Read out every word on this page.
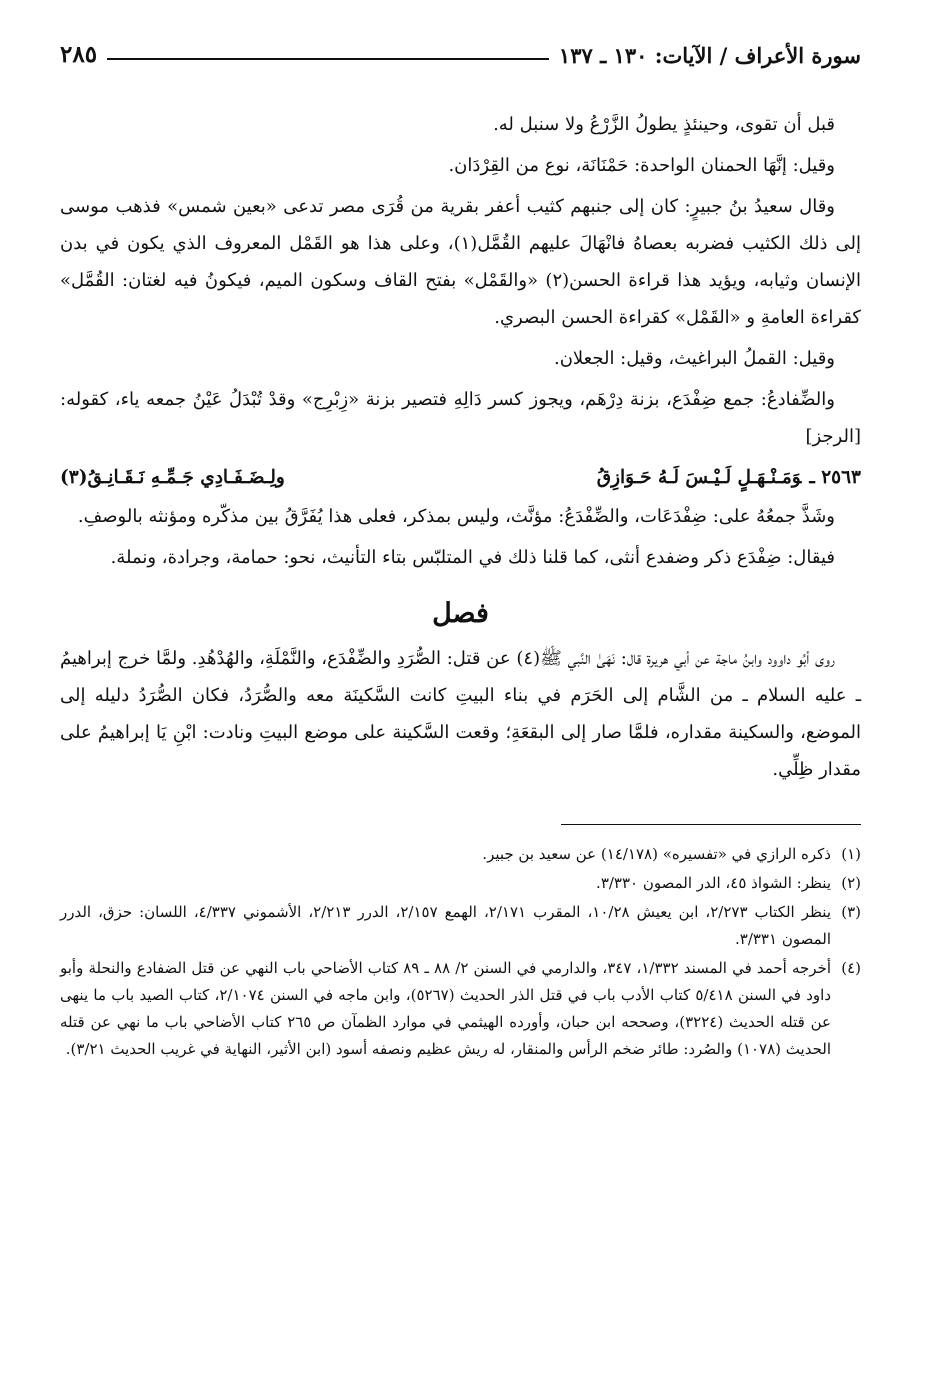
سورة الأعراف / الآيات: ١٣٠ ـ ١٣٧
٢٨٥

قبل أن تقوى، وحينئذٍ يطولُ الزَّرْعُ ولا سنبل له.

وقيل: إنَّهَا الحمنان الواحدة: حَمْنَانَة، نوع من القِرْدَان.

وقال سعيدُ بنُ جبيرٍ: كان إلى جنبهم كثيب أعفر بقرية من قُرَى مصر تدعى «بعين شمس» فذهب موسى إلى ذلك الكثيب فضربه بعصاهُ فانْهَالَ عليهم القُمَّل(١)، وعلى هذا هو القَمْل المعروف الذي يكون في بدن الإنسان وثيابه، ويؤيد هذا قراءة الحسن(٢) «والقَمْل» بفتح القاف وسكون الميم، فيكونُ فيه لغتان: القُمَّل» كقراءة العامةِ و «القَمْل» كقراءة الحسن البصري.

وقيل: القملُ البراغيث، وقيل: الجعلان.

والضِّفادعُ: جمع ضِفْدَع، بزنة دِرْهَم، ويجوز كسر دَالِهِ فتصير بزنة «زِبْرِج» وقدْ تُبْدَلُ عَيْنُ جمعه ياء، كقوله: [الرجز]

٢٥٦٣ ـوَمَـنْـهَـلٍ لَـيْـسَ لَـهُ حَـوَازِقُ
ولِـضَـفَـادِي جَـمِّـهِ نَـقَـانِـقُ(٣)

وشَذَّ جمعُهُ على: ضِفْدَعَات، والضِّفْدَعُ: مؤنَّث، وليس بمذكر، فعلى هذا يُفَرَّقُ بين مذكّره ومؤنثه بالوصفِ.

فيقال: ضِفْدَع ذكر وضفدع أنثى، كما قلنا ذلك في المتلبّس بتاء التأنيث، نحو: حمامة، وجرادة، ونملة.

فصل

روى أبُو داوود وابنُ ماجة عن أبي هريرة قال: نَهَىٰ النَّبي ﷺ(٤) عن قتل: الصُّرَدِ والضِّفْدَع، والنَّمْلَةِ، والهُدْهُدِ. ولمَّا خرج إبراهيمُ ـ عليه السلام ـ من الشَّام إلى الحَرَم في بناء البيتِ كانت السَّكينَة معه والصُّرَدُ، فكان الصُّرَدُ دليله إلى الموضع، والسكينة مقداره، فلمَّا صار إلى البقعَةِ؛ وقعت السَّكينة على موضع البيتِ ونادت: ابْنِ يَا إبراهيمُ على مقدار ظِلِّي.

(١)
ذكره الرازي في «تفسيره» (١٤/١٧٨) عن سعيد بن جبير.
(٢)
ينظر: الشواذ ٤٥، الدر المصون ٣/٣٣٠.
(٣)
ينظر الكتاب ٢/٢٧٣، ابن يعيش ١٠/٢٨، المقرب ٢/١٧١، الهمع ٢/١٥٧، الدرر ٢/٢١٣، الأشموني ٤/٣٣٧، اللسان: حزق، الدرر المصون ٣/٣٣١.
(٤)
أخرجه أحمد في المسند ١/٣٣٢، ٣٤٧، والدارمي في السنن ٢/ ٨٨ ـ ٨٩ كتاب الأضاحي باب النهي عن قتل الضفادع والنحلة وأبو داود في السنن ٥/٤١٨ كتاب الأدب باب في قتل الذر الحديث (٥٢٦٧)، وابن ماجه في السنن ٢/١٠٧٤، كتاب الصيد باب ما ينهى عن قتله الحديث (٣٢٢٤)، وصححه ابن حبان، وأورده الهيثمي في موارد الظمآن ص ٢٦٥ كتاب الأضاحي باب ما نهي عن قتله الحديث (١٠٧٨) والصُرد: طائر ضخم الرأس والمنقار، له ريش عظيم ونصفه أسود (ابن الأثير، النهاية في غريب الحديث ٣/٢١).
